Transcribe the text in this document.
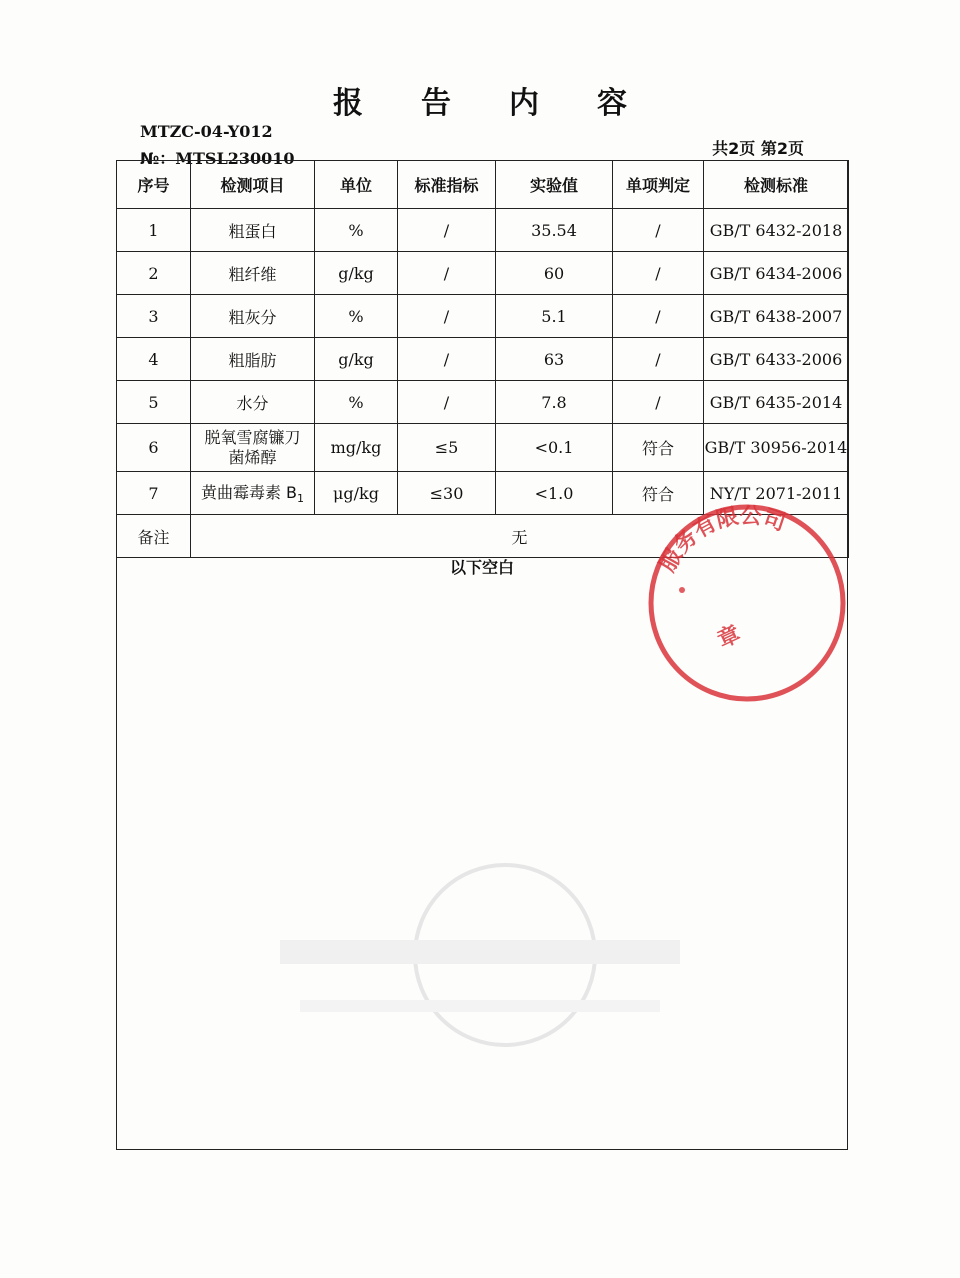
报告内容
MTZC-04-Y012
№：MTSL230010
共2页 第2页
序号	检测项目	单位	标准指标	实验值	单项判定	检测标准
1	粗蛋白	%	/	35.54	/	GB/T 6432-2018
2	粗纤维	g/kg	/	60	/	GB/T 6434-2006
3	粗灰分	%	/	5.1	/	GB/T 6438-2007
4	粗脂肪	g/kg	/	63	/	GB/T 6433-2006
5	水分	%	/	7.8	/	GB/T 6435-2014
6	脱氧雪腐镰刀
菌烯醇	mg/kg	≤5	<0.1	符合	GB/T 30956-2014
7	黄曲霉毒素 $B_1$	μg/kg	≤30	<1.0	符合	NY/T 2071-2011
备注	无					
以下空白	服务有限公司
章
